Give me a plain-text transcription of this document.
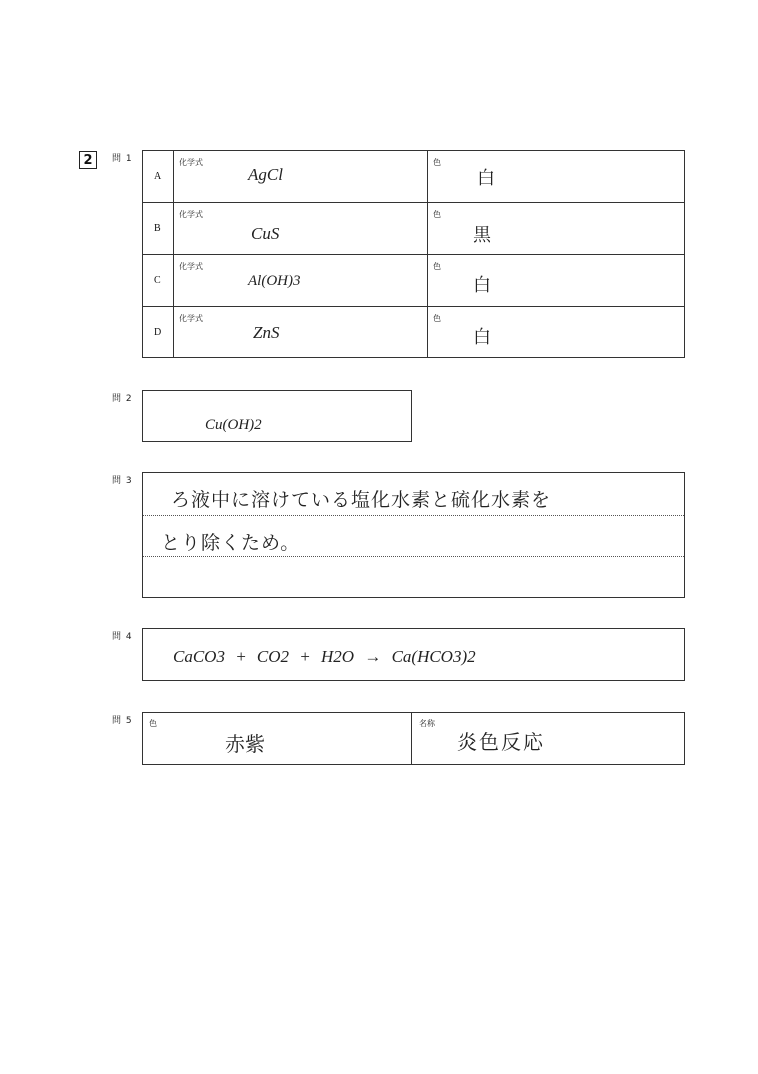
2	問 1
A
化学式
AgCl
色
白
B
化学式
CuS
色
黒
C
化学式
Al(OH)3
色
白
D
化学式
ZnS
色
白
問 2
Cu(OH)2
問 3
ろ液中に溶けている塩化水素と硫化水素を
とり除くため。
問 4
CaCO3 + CO2 + H2O → Ca(HCO3)2
問 5 色
赤紫
名称
炎色反応
